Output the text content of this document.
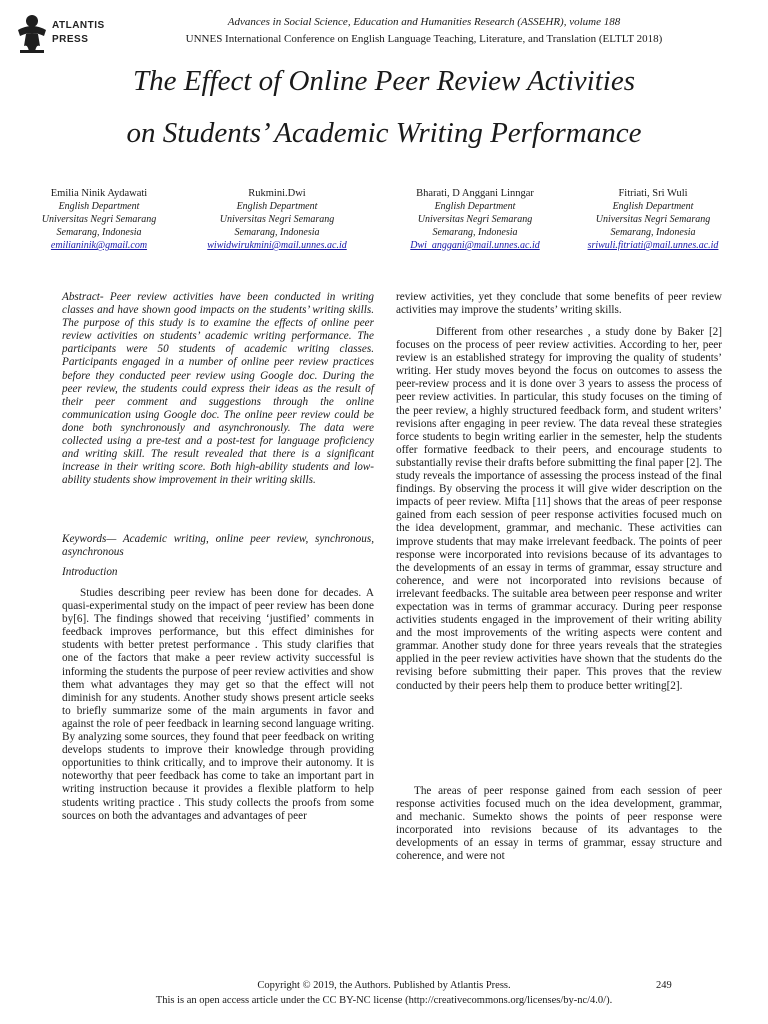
ATLANTIS
PRESS
Advances in Social Science, Education and Humanities Research (ASSEHR), volume 188
UNNES International Conference on English Language Teaching, Literature, and Translation (ELTLT 2018)
The Effect of Online Peer Review Activities
on Students’ Academic Writing Performance
Emilia Ninik Aydawati
English Department
Universitas Negri Semarang
Semarang, Indonesia
emilianinik@gmail.com
Rukmini.Dwi
English Department
Universitas Negri Semarang
Semarang, Indonesia
wiwidwirukmini@mail.unnes.ac.id
Bharati, D Anggani Linngar
English Department
Universitas Negri Semarang
Semarang, Indonesia
Dwi_anggani@mail.unnes.ac.id
Fitriati, Sri Wuli
English Department
Universitas Negri Semarang
Semarang, Indonesia
sriwuli.fitriati@mail.unnes.ac.id
Abstract- Peer review activities have been conducted in writing classes and have shown good impacts on the students’ writing skills. The purpose of this study is to examine the effects of online peer review activities on students’ academic writing performance. The participants were 50 students of academic writing classes. Participants engaged in a number of online peer review practices before they conducted peer review using Google doc. During the peer review, the students could express their ideas as the result of their peer comment and suggestions through the online communication using Google doc. The online peer review could be done both synchronously and asynchronously. The data were collected using a pre-test and a post-test for language proficiency and writing skill. The result revealed that there is a significant increase in their writing score. Both high-ability students and low-ability students show improvement in their writing skills.
Keywords— Academic writing, online peer review, synchronous, asynchronous
Introduction
Studies describing peer review has been done for decades. A quasi-experimental study on the impact of peer review has been done by[6]. The findings showed that receiving ‘justified’ comments in feedback improves performance, but this effect diminishes for students with better pretest performance . This study clarifies that one of the factors that make a peer review activity successful is informing the students the purpose of peer review activities and show them what advantages they may get so that the effect will not diminish for any students. Another study shows present article seeks to briefly summarize some of the main arguments in favor and against the role of peer feedback in learning second language writing. By analyzing some sources, they found that peer feedback on writing develops students to improve their knowledge through providing opportunities to think critically, and to improve their autonomy. It is noteworthy that peer feedback has come to take an important part in writing instruction because it provides a flexible platform to help students writing practice . This study collects the proofs from some sources on both the advantages and advantages of peer
review activities, yet they conclude that some benefits of peer review activities may improve the students’ writing skills.
Different from other researches , a study done by Baker [2] focuses on the process of peer review activities. According to her, peer review is an established strategy for improving the quality of students’ writing. Her study moves beyond the focus on outcomes to assess the peer-review process and it is done over 3 years to assess the process of peer review activities. In particular, this study focuses on the timing of the peer review, a highly structured feedback form, and student writers’ revisions after engaging in peer review. The data reveal these strategies force students to begin writing earlier in the semester, help the students offer formative feedback to their peers, and encourage students to substantially revise their drafts before submitting the final paper [2]. The study reveals the importance of assessing the process instead of the final findings. By observing the process it will give wider description on the impacts of peer review. Mifta [11] shows that the areas of peer response gained from each session of peer response activities focused much on the idea development, grammar, and mechanic. These activities can improve students that may make irrelevant feedback. The points of peer response were incorporated into revisions because of its advantages to the developments of an essay in terms of grammar, essay structure and coherence, and were not incorporated into revisions because of irrelevant feedbacks. The suitable area between peer response and writer expectation was in terms of grammar accuracy. During peer response activities students engaged in the improvement of their writing ability and the most improvements of the writing aspects were content and grammar. Another study done for three years reveals that the strategies applied in the peer review activities have shown that the students do the revising before submitting their paper. This proves that the review conducted by their peers help them to produce better writing[2].
The areas of peer response gained from each session of peer response activities focused much on the idea development, grammar, and mechanic. Sumekto shows the points of peer response were incorporated into revisions because of its advantages to the developments of an essay in terms of grammar, essay structure and coherence, and were not
Copyright © 2019, the Authors. Published by Atlantis Press.	249
This is an open access article under the CC BY-NC license (http://creativecommons.org/licenses/by-nc/4.0/).
